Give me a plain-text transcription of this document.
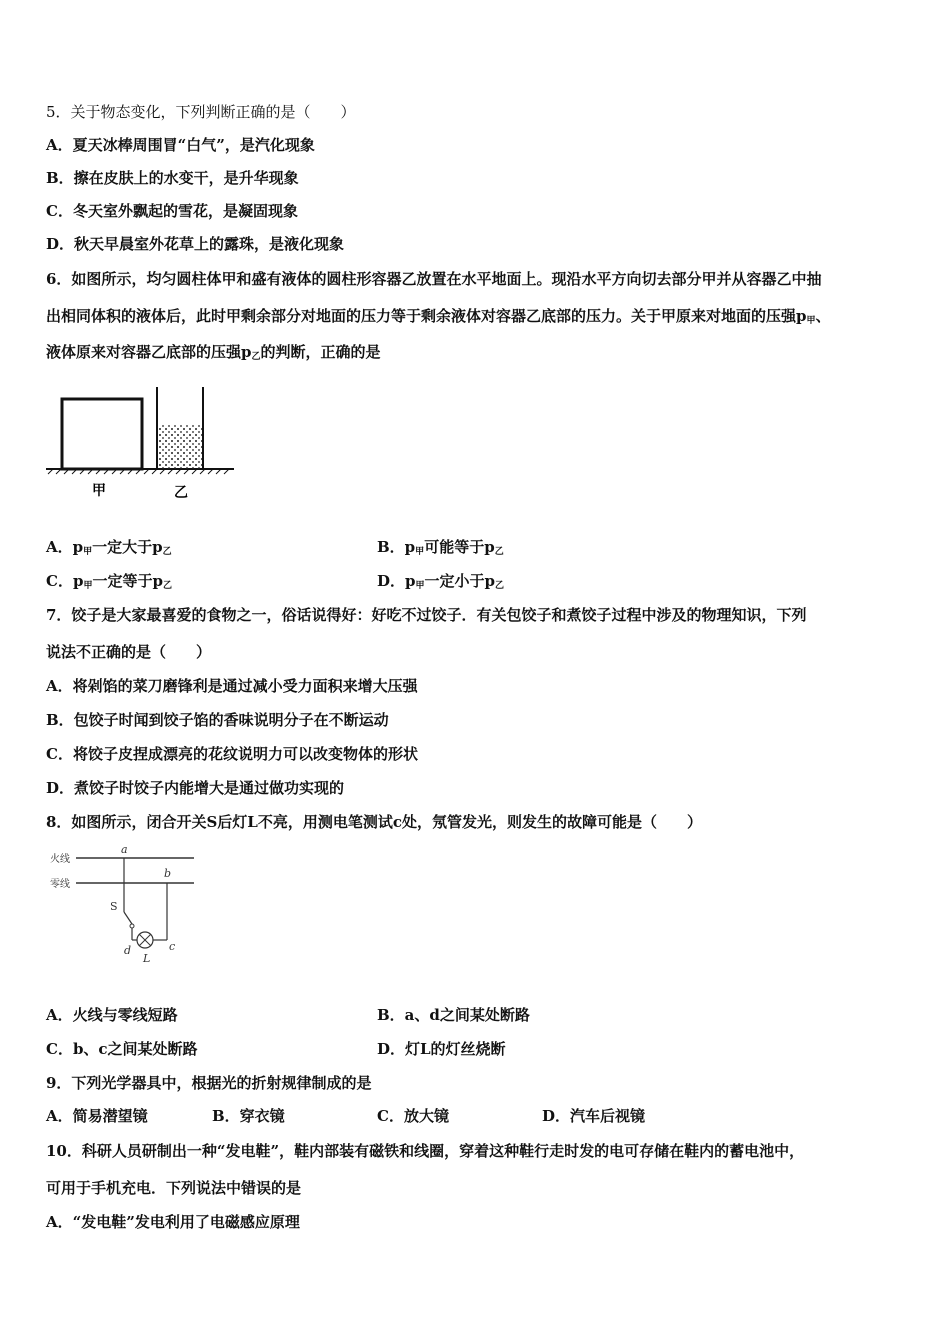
5．关于物态变化，下列判断正确的是（　　）
A．夏天冰棒周围冒“白气”，是汽化现象
B．擦在皮肤上的水变干，是升华现象
C．冬天室外飘起的雪花，是凝固现象
D．秋天早晨室外花草上的露珠，是液化现象
6．如图所示，均匀圆柱体甲和盛有液体的圆柱形容器乙放置在水平地面上。现沿水平方向切去部分甲并从容器乙中抽
出相同体积的液体后，此时甲剩余部分对地面的压力等于剩余液体对容器乙底部的压力。关于甲原来对地面的压强$p_甲$、
液体原来对容器乙底部的压强$p_乙$的判断，正确的是
甲	乙
A．$p_甲$一定大于$p_乙$	B．$p_甲$可能等于$p_乙$
C．$p_甲$一定等于$p_乙$	D．$p_甲$一定小于$p_乙$
7．饺子是大家最喜爱的食物之一，俗话说得好：好吃不过饺子．有关包饺子和煮饺子过程中涉及的物理知识，下列
说法不正确的是（　　）
A．将剁馅的菜刀磨锋利是通过减小受力面积来增大压强
B．包饺子时闻到饺子馅的香味说明分子在不断运动
C．将饺子皮捏成漂亮的花纹说明力可以改变物体的形状
D．煮饺子时饺子内能增大是通过做功实现的
8．如图所示，闭合开关S后灯L不亮，用测电笔测试c处，氖管发光，则发生的故障可能是（　　）
火线
零线
a
b
S
d	c
L
A．火线与零线短路	B．a、d之间某处断路
C．b、c之间某处断路	D．灯L的灯丝烧断
9．下列光学器具中，根据光的折射规律制成的是
A．简易潜望镜	B．穿衣镜	C．放大镜	D．汽车后视镜
10．科研人员研制出一种“发电鞋”，鞋内部装有磁铁和线圈，穿着这种鞋行走时发的电可存储在鞋内的蓄电池中，
可用于手机充电．下列说法中错误的是
A．“发电鞋”发电利用了电磁感应原理
